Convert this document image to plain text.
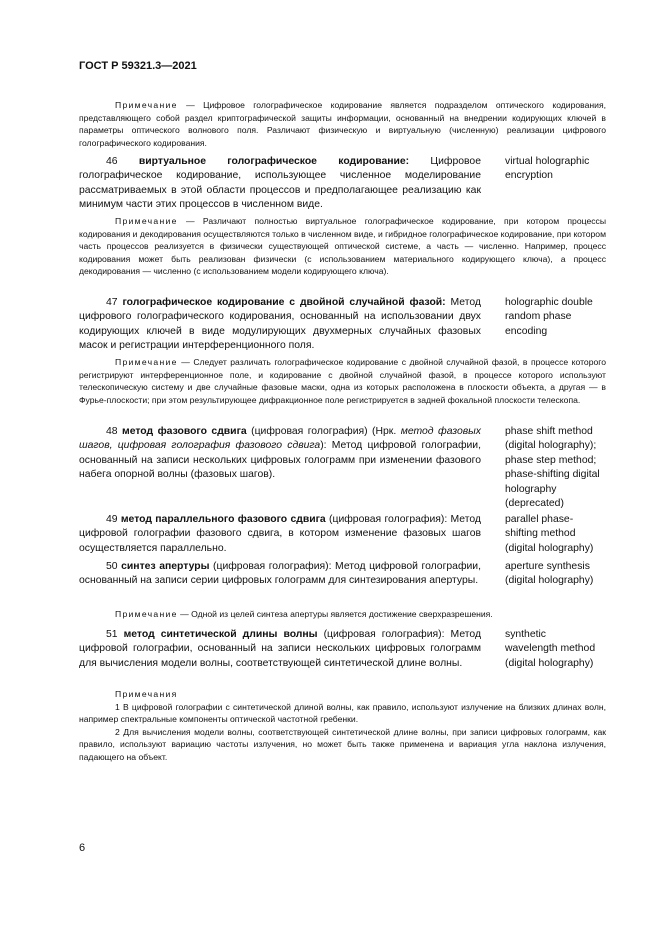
ГОСТ Р 59321.3—2021

Примечание — Цифровое голографическое кодирование является подразделом оптического кодирования, представляющего собой раздел криптографической защиты информации, основанный на внедрении кодирующих ключей в параметры оптического волнового поля. Различают физическую и виртуальную (численную) реализации цифрового голографического кодирования.

46 виртуальное голографическое кодирование: Цифровое голографическое кодирование, использующее численное моделирование рассматриваемых в этой области процессов и предполагающее реализацию как минимум части этих процессов в численном виде.
virtual holographic
encryption

Примечание — Различают полностью виртуальное голографическое кодирование, при котором процессы кодирования и декодирования осуществляются только в численном виде, и гибридное голографическое кодирование, при котором часть процессов реализуется в физически существующей оптической системе, а часть — численно. Например, процесс кодирования может быть реализован физически (с использованием материального кодирующего ключа), а процесс декодирования — численно (с использованием модели кодирующего ключа).

47 голографическое кодирование с двойной случайной фазой: Метод цифрового голографического кодирования, основанный на использовании двух кодирующих ключей в виде модулирующих двухмерных случайных фазовых масок и регистрации интерференционного поля.
holographic double
random phase
encoding

Примечание — Следует различать голографическое кодирование с двойной случайной фазой, в процессе которого регистрируют интерференционное поле, и кодирование с двойной случайной фазой, в процессе которого используют телескопическую систему и две случайные фазовые маски, одна из которых расположена в плоскости объекта, а другая — в Фурье-плоскости; при этом результирующее дифракционное поле регистрируется в задней фокальной плоскости телескопа.

48 метод фазового сдвига (цифровая голография) (Нрк. метод фазовых шагов, цифровая голография фазового сдвига): Метод цифровой голографии, основанный на записи нескольких цифровых голограмм при изменении фазового набега опорной волны (фазовых шагов).
phase shift method
(digital holography);
phase step method;
phase-shifting digital
holography
(deprecated)
49 метод параллельного фазового сдвига (цифровая голография): Метод цифровой голографии фазового сдвига, в котором изменение фазовых шагов осуществляется параллельно.
parallel phase-
shifting method
(digital holography)
50 синтез апертуры (цифровая голография): Метод цифровой голографии, основанный на записи серии цифровых голограмм для синтезирования апертуры.
aperture synthesis
(digital holography)

Примечание — Одной из целей синтеза апертуры является достижение сверхразрешения.

51 метод синтетической длины волны (цифровая голография): Метод цифровой голографии, основанный на записи нескольких цифровых голограмм для вычисления модели волны, соответствующей синтетической длине волны.
synthetic
wavelength method
(digital holography)

Примечания

1 В цифровой голографии с синтетической длиной волны, как правило, используют излучение на близких длинах волн, например спектральные компоненты оптической частотной гребенки.

2 Для вычисления модели волны, соответствующей синтетической длине волны, при записи цифровых голограмм, как правило, используют вариацию частоты излучения, но может быть также применена и вариация угла наклона излучения, падающего на объект.

6
